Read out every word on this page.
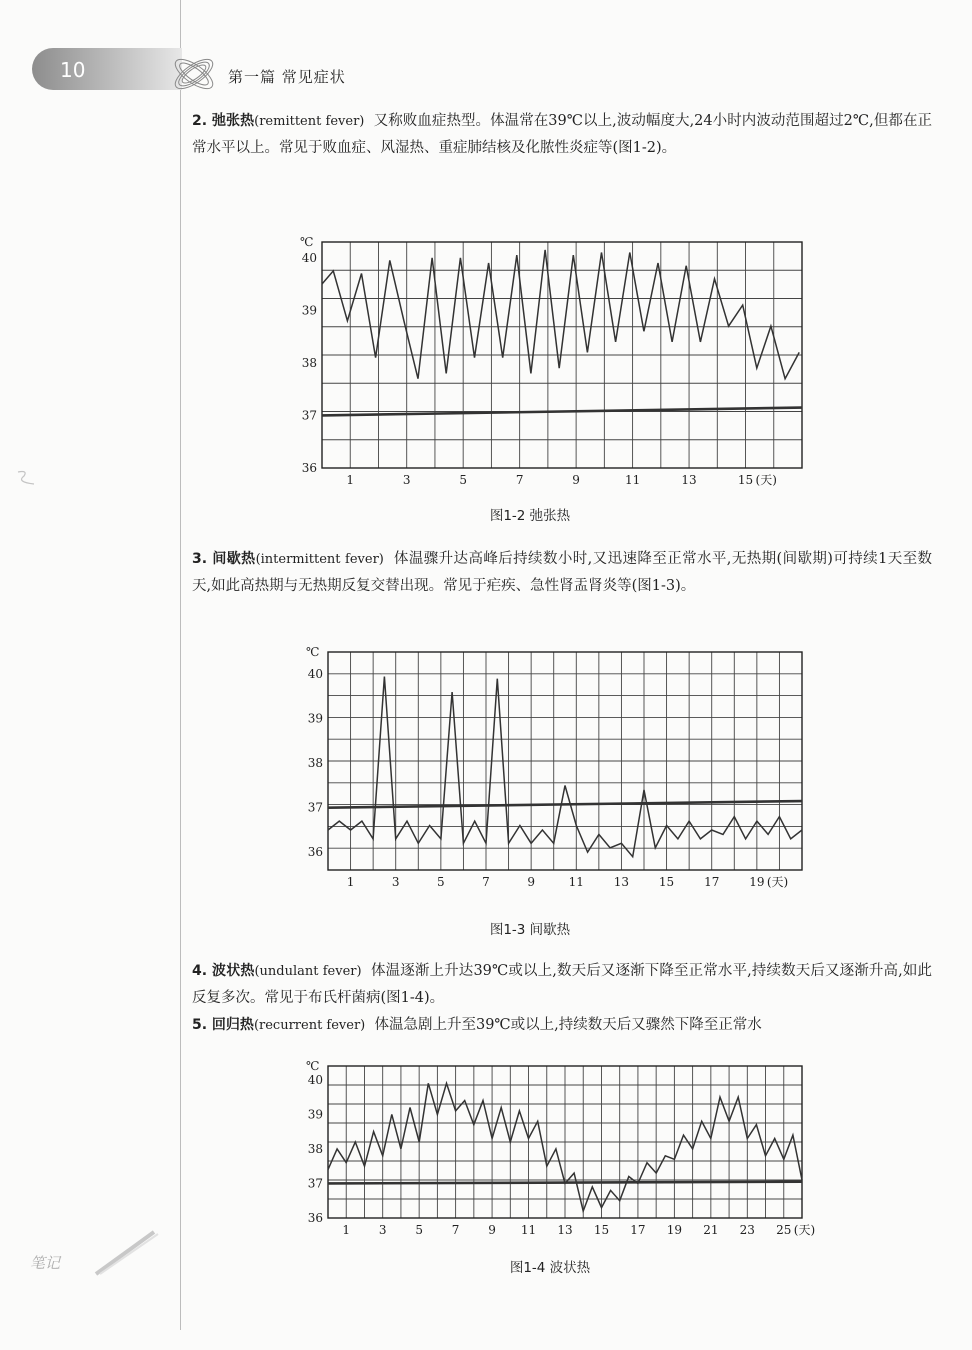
10	第一篇 常见症状
2. 弛张热(remittent fever) 又称败血症热型。体温常在39℃以上,波动幅度大,24小时内波动范围超过2℃,但都在正常水平以上。常见于败血症、风湿热、重症肺结核及化脓性炎症等(图1-2)。
36
37
38
39
40
℃
1	3	5	7	9	11	13	15 (天)
图1-2 弛张热
3. 间歇热(intermittent fever) 体温骤升达高峰后持续数小时,又迅速降至正常水平,无热期(间歇期)可持续1天至数天,如此高热期与无热期反复交替出现。常见于疟疾、急性肾盂肾炎等(图1-3)。
36
37
38
39
40
℃
1	3	5	7	9	11 13 15 17 19 (天)
图1-3 间歇热
4. 波状热(undulant fever) 体温逐渐上升达39℃或以上,数天后又逐渐下降至正常水平,持续数天后又逐渐升高,如此反复多次。常见于布氏杆菌病(图1-4)。
5. 回归热(recurrent fever) 体温急剧上升至39℃或以上,持续数天后又骤然下降至正常水
36
37
38
39
40
℃
1 3 5 7 9 11 13 15 17 19 21 23 25 (天)
图1-4 波状热
笔记
